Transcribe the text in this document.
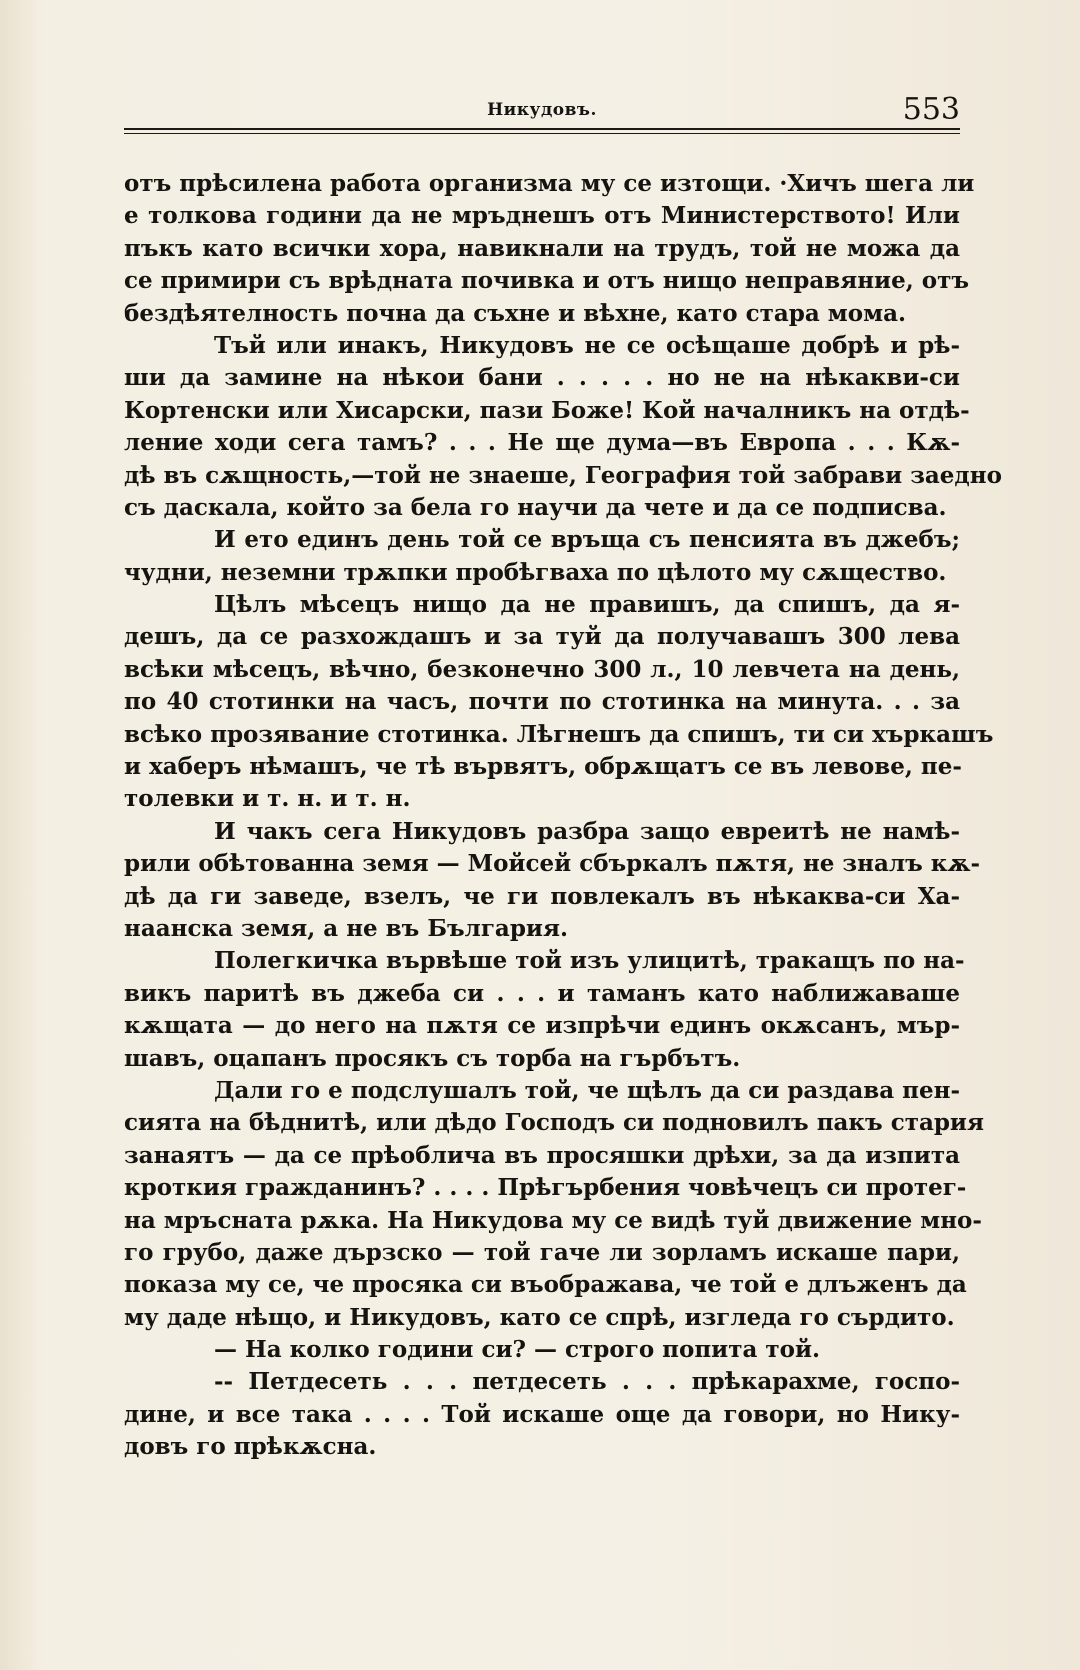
Никудовъ.	553
отъ прѣсилена работа организма му се изтощи. ·Хичъ шега ли
е толкова години да не мръднешъ отъ Министерството! Или
пъкъ като всички хора, навикнали на трудъ, той не можа да
се примири съ врѣдната почивка и отъ нищо неправяние, отъ
бездѣятелность почна да съхне и вѣхне, като стара мома.
Тъй или инакъ, Никудовъ не се осѣщаше добрѣ и рѣ-
ши да замине на нѣкои бани . . . . . но не на нѣкакви-си
Кортенски или Хисарски, пази Боже! Кой началникъ на отдѣ-
ление ходи сега тамъ? . . . Не ще дума—въ Европа . . . Кѫ-
дѣ въ сѫщность,—той не знаеше, География той забрави заедно
съ даскала, който за бела го научи да чете и да се подписва.
И ето единъ день той се връща съ пенсията въ джебъ;
чудни, неземни трѫпки пробѣгваха по цѣлото му сѫщество.
Цѣлъ мѣсецъ нищо да не правишъ, да спишъ, да я-
дешъ, да се разхождашъ и за туй да получавашъ 300 лева
всѣки мѣсецъ, вѣчно, безконечно 300 л., 10 левчета на день,
по 40 стотинки на часъ, почти по стотинка на минута. . . за
всѣко прозявание стотинка. Лѣгнешъ да спишъ, ти си хъркашъ
и хаберъ нѣмашъ, че тѣ вървятъ, обрѫщатъ се въ левове, пе-
толевки и т. н. и т. н.
И чакъ сега Никудовъ разбра защо евреитѣ не намѣ-
рили обѣтованна земя — Мойсей сбъркалъ пѫтя, не зналъ кѫ-
дѣ да ги заведе, взелъ, че ги повлекалъ въ нѣкаква-си Ха-
наанска земя, а не въ България.
Полегкичка вървѣше той изъ улицитѣ, тракащъ по на-
викъ паритѣ въ джеба си . . . и таманъ като наближаваше
кѫщата — до него на пѫтя се изпрѣчи единъ окѫсанъ, мър-
шавъ, оцапанъ просякъ съ торба на гърбътъ.
Дали го е подслушалъ той, че щѣлъ да си раздава пен-
сията на бѣднитѣ, или дѣдо Господъ си подновилъ пакъ стария
занаятъ — да се прѣоблича въ просяшки дрѣхи, за да изпита
кроткия гражданинъ? . . . . Прѣгърбения човѣчецъ си протег-
на мръсната рѫка. На Никудова му се видѣ туй движение мно-
го грубо, даже дързско — той гаче ли зорламъ искаше пари,
показа му се, че просяка си въображава, че той е длъженъ да
му даде нѣщо, и Никудовъ, като се спрѣ, изгледа го сърдито.
— На колко години си? — строго попита той.
-- Петдесеть . . . петдесеть . . . прѣкарахме, госпо-
дине, и все така . . . . Той искаше още да говори, но Нику-
довъ го прѣкѫсна.
